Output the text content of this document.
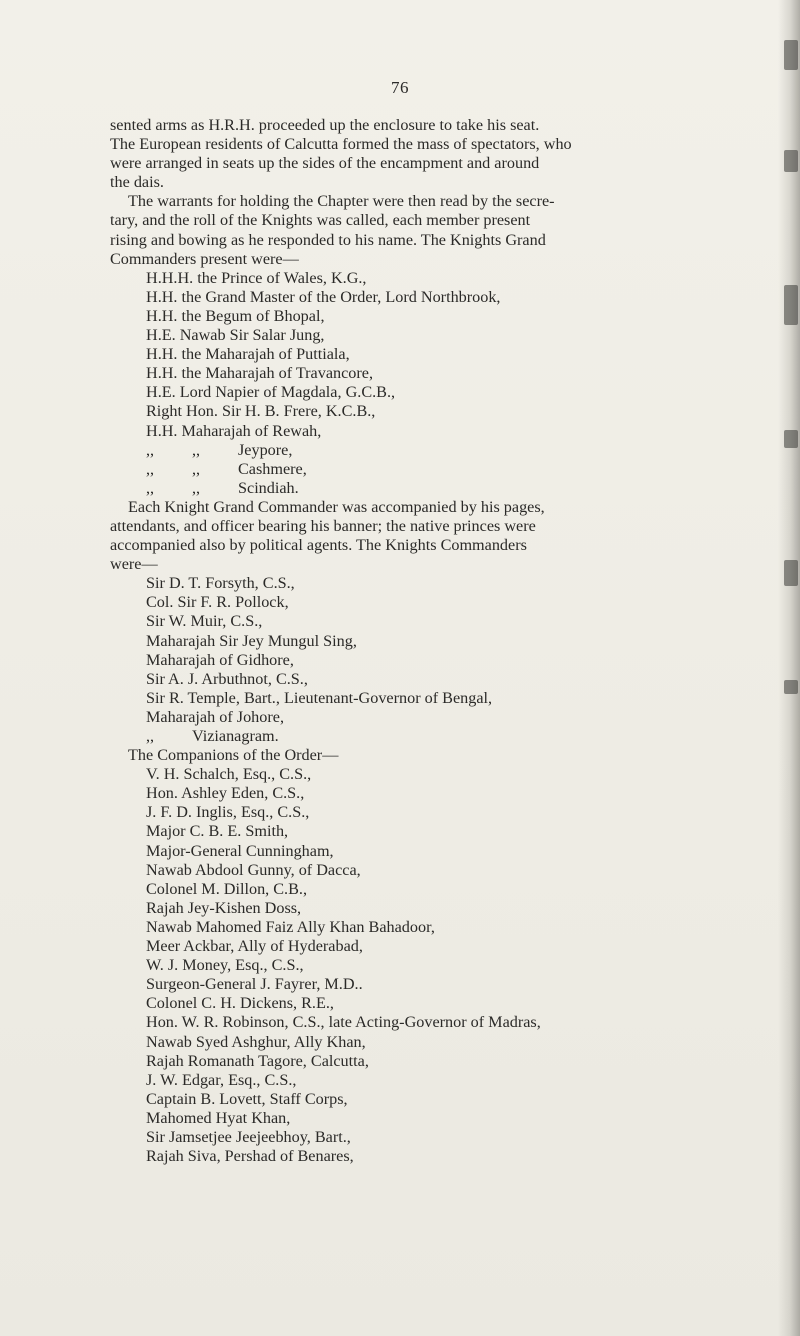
76
sented arms as H.R.H. proceeded up the enclosure to take his seat.
The European residents of Calcutta formed the mass of spectators, who
were arranged in seats up the sides of the encampment and around
the dais.
The warrants for holding the Chapter were then read by the secre-
tary, and the roll of the Knights was called, each member present
rising and bowing as he responded to his name. The Knights Grand
Commanders present were—
H.H.H. the Prince of Wales, K.G.,
H.H. the Grand Master of the Order, Lord Northbrook,
H.H. the Begum of Bhopal,
H.E. Nawab Sir Salar Jung,
H.H. the Maharajah of Puttiala,
H.H. the Maharajah of Travancore,
H.E. Lord Napier of Magdala, G.C.B.,
Right Hon. Sir H. B. Frere, K.C.B.,
H.H. Maharajah of Rewah,
,, ,, Jeypore,
,, ,, Cashmere,
,, ,, Scindiah.
Each Knight Grand Commander was accompanied by his pages,
attendants, and officer bearing his banner; the native princes were
accompanied also by political agents. The Knights Commanders
were—
Sir D. T. Forsyth, C.S.,
Col. Sir F. R. Pollock,
Sir W. Muir, C.S.,
Maharajah Sir Jey Mungul Sing,
Maharajah of Gidhore,
Sir A. J. Arbuthnot, C.S.,
Sir R. Temple, Bart., Lieutenant-Governor of Bengal,
Maharajah of Johore,
,, Vizianagram.
The Companions of the Order—
V. H. Schalch, Esq., C.S.,
Hon. Ashley Eden, C.S.,
J. F. D. Inglis, Esq., C.S.,
Major C. B. E. Smith,
Major-General Cunningham,
Nawab Abdool Gunny, of Dacca,
Colonel M. Dillon, C.B.,
Rajah Jey-Kishen Doss,
Nawab Mahomed Faiz Ally Khan Bahadoor,
Meer Ackbar, Ally of Hyderabad,
W. J. Money, Esq., C.S.,
Surgeon-General J. Fayrer, M.D..
Colonel C. H. Dickens, R.E.,
Hon. W. R. Robinson, C.S., late Acting-Governor of Madras,
Nawab Syed Ashghur, Ally Khan,
Rajah Romanath Tagore, Calcutta,
J. W. Edgar, Esq., C.S.,
Captain B. Lovett, Staff Corps,
Mahomed Hyat Khan,
Sir Jamsetjee Jeejeebhoy, Bart.,
Rajah Siva, Pershad of Benares,
